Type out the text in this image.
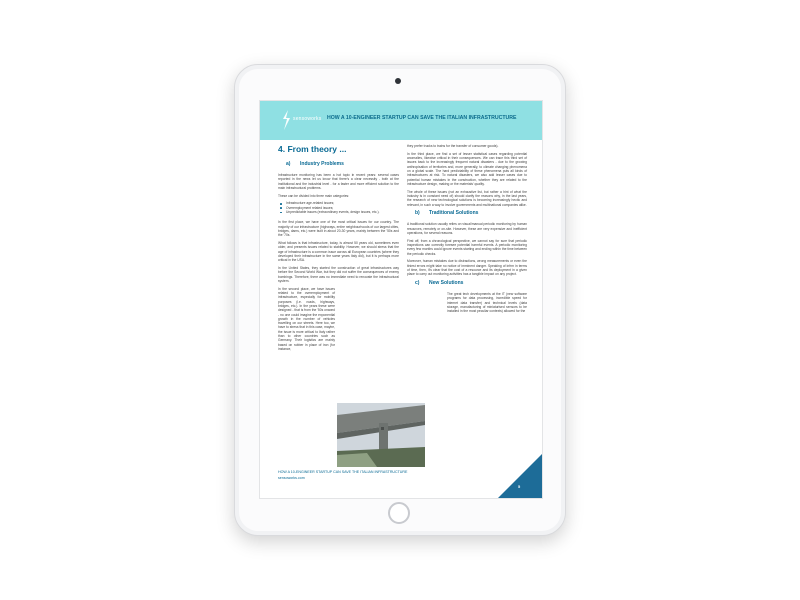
sensoworks HOW A 10-ENGINEER STARTUP CAN SAVE THE ITALIAN INFRASTRUCTURE
4. From theory ...
a) Industry Problems

Infrastructure monitoring has been a hot topic in recent years: several cases reported in the news let us know that there's a clear necessity - both at the institutional and the industrial level - for a faster and more efficient solution to the main infrastructural problems.

These can be divided into three main categories:

Infrastructure age-related issues;
Overemployment related issues;
Unpredictable issues (extraordinary events, design issues, etc.).

In the first place, we have one of the most critical issues for our country. The majority of our infrastructure (highways, entire neighbourhoods of our largest cities, bridges, dams, etc.) were built in about 20-30 years, mainly between the '50s and the '70s.

What follows is that infrastructure, today, is almost 50 years old, sometimes even older, and presents issues related to stability. However, we should stress that the age of infrastructure is a common issue across all European countries (where they developed their infrastructure in the same years Italy did), but it is perhaps more critical in the USA.

In the United States, they started the construction of great infrastructures way before the Second World War, but they did not suffer the consequences of enemy bombings. Therefore, there was no immediate need to renovate the infrastructural system.

In the second place, we have issues related to the overemployment of infrastructure, especially for mobility purposes (i.e. roads, highways, bridges, etc.). In the years these were designed - that is from the '50s onward - no one could imagine the exponential growth in the number of vehicles travelling on our streets. Here too, we have to stress that in this case, maybe, the issue is more critical to Italy rather than to other countries such as Germany. Their logistics are mainly based on rubber in place of iron (for instance,

they prefer trucks to trains for the transfer of consumer goods).

In the third place, we find a set of lesser statistical cases regarding potential anomalies, likewise critical in their consequences. We can trace this third set of issues back to the increasingly frequent natural disasters - due to the growing anthropisation of territories and, more generally, to climate changing phenomena on a global scale. The hard predictability of these phenomena puts all kinds of infrastructures at risk. To natural disasters, we also add lesser cases due to potential human mistakes in the construction, whether they are related to the infrastructure design, making or the materials' quality.

The whole of these issues (not an exhaustive list, but rather a hint of what the industry is in constant need of) should clarify the reasons why, in the last years, the research of new technological solutions is becoming increasingly hectic and relevant, in such a way to involve governments and multinational companies alike.

b) Traditional Solutions

A traditional solution usually relies on visual/manual periodic monitoring by human resources, remotely or on-site. However, these are very expensive and inefficient operations, for several reasons.

First off, from a chronological perspective, we cannot say for sure that periodic inspections can correctly foresee potential harmful events. A periodic monitoring every few months could ignore events starting and ending within the time between the periodic checks.

Moreover, human mistakes due to distractions, wrong measurements or even the tiniest errors might take no notice of imminent danger. Speaking of infrm in terms of time, then, it's clear that the cost of a resource and its deployment in a given place to carry out monitoring activities has a tangible impact on any project.

c) New Solutions

The great tech developments at the IT (new software programs for data processing, incredible speed for internet data transfer) and technical levels (data storage, manufacturing of miniaturised sensors to be installed in the most peculiar contexts) allowed for the

HOW A 10-ENGINEER STARTUP CAN SAVE THE ITALIAN INFRASTRUCTURE
sensoworks.com
5
